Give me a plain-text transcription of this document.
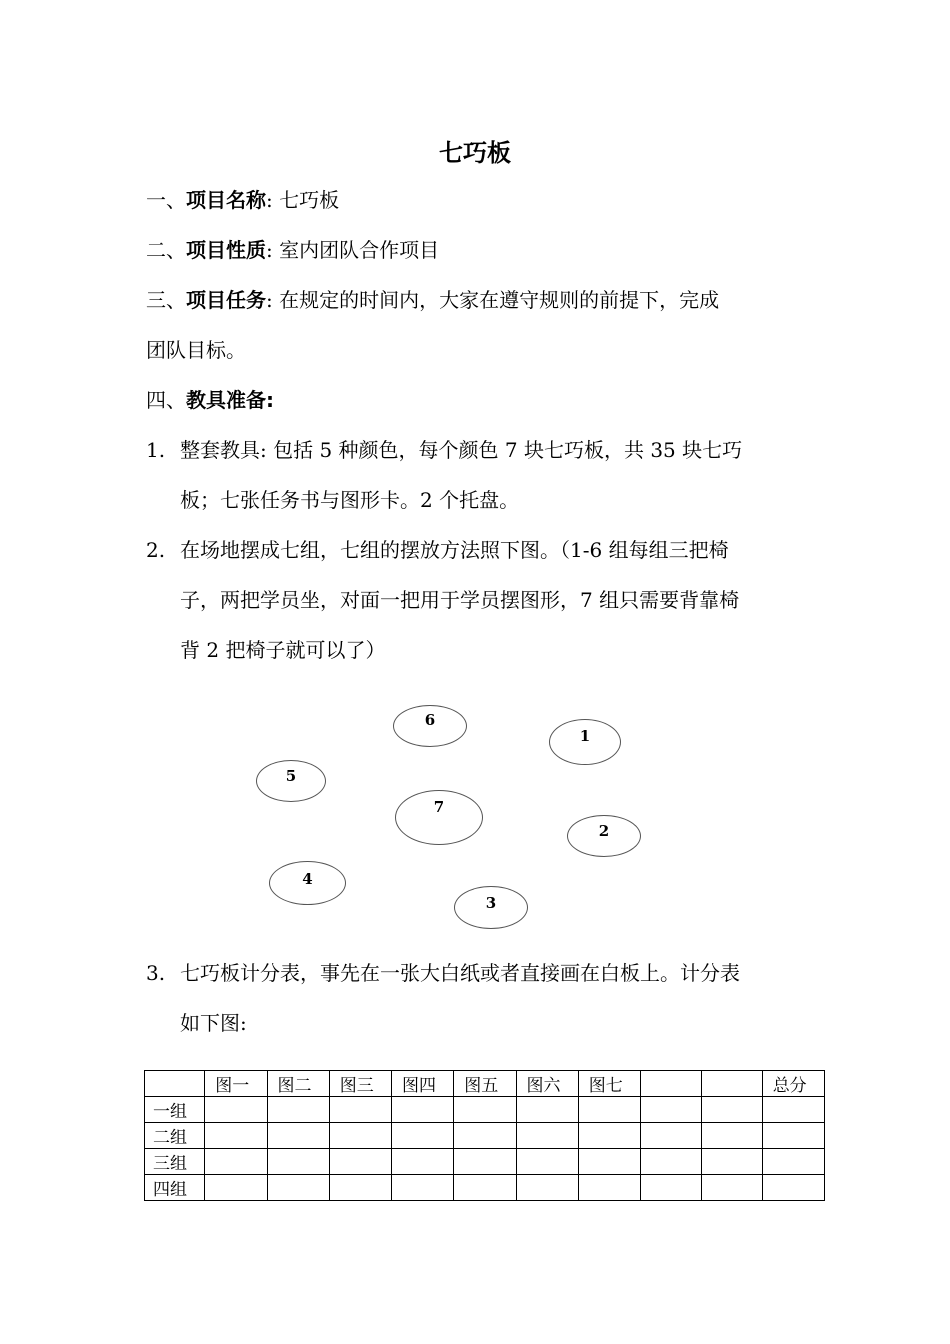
七巧板
一、项目名称: 七巧板
二、项目性质: 室内团队合作项目
三、项目任务: 在规定的时间内，大家在遵守规则的前提下，完成
团队目标。
四、教具准备:
1. 整套教具: 包括 5 种颜色，每个颜色 7 块七巧板，共 35 块七巧
板；七张任务书与图形卡。2 个托盘。
2. 在场地摆成七组，七组的摆放方法照下图。（1-6 组每组三把椅
子，两把学员坐，对面一把用于学员摆图形，7 组只需要背靠椅
背 2 把椅子就可以了）
6
1
5
7
2
4
3
3. 七巧板计分表，事先在一张大白纸或者直接画在白板上。计分表
如下图:
	图一	图二	图三	图四	图五	图六	图七			总分
一组										
二组										
三组										
四组										
